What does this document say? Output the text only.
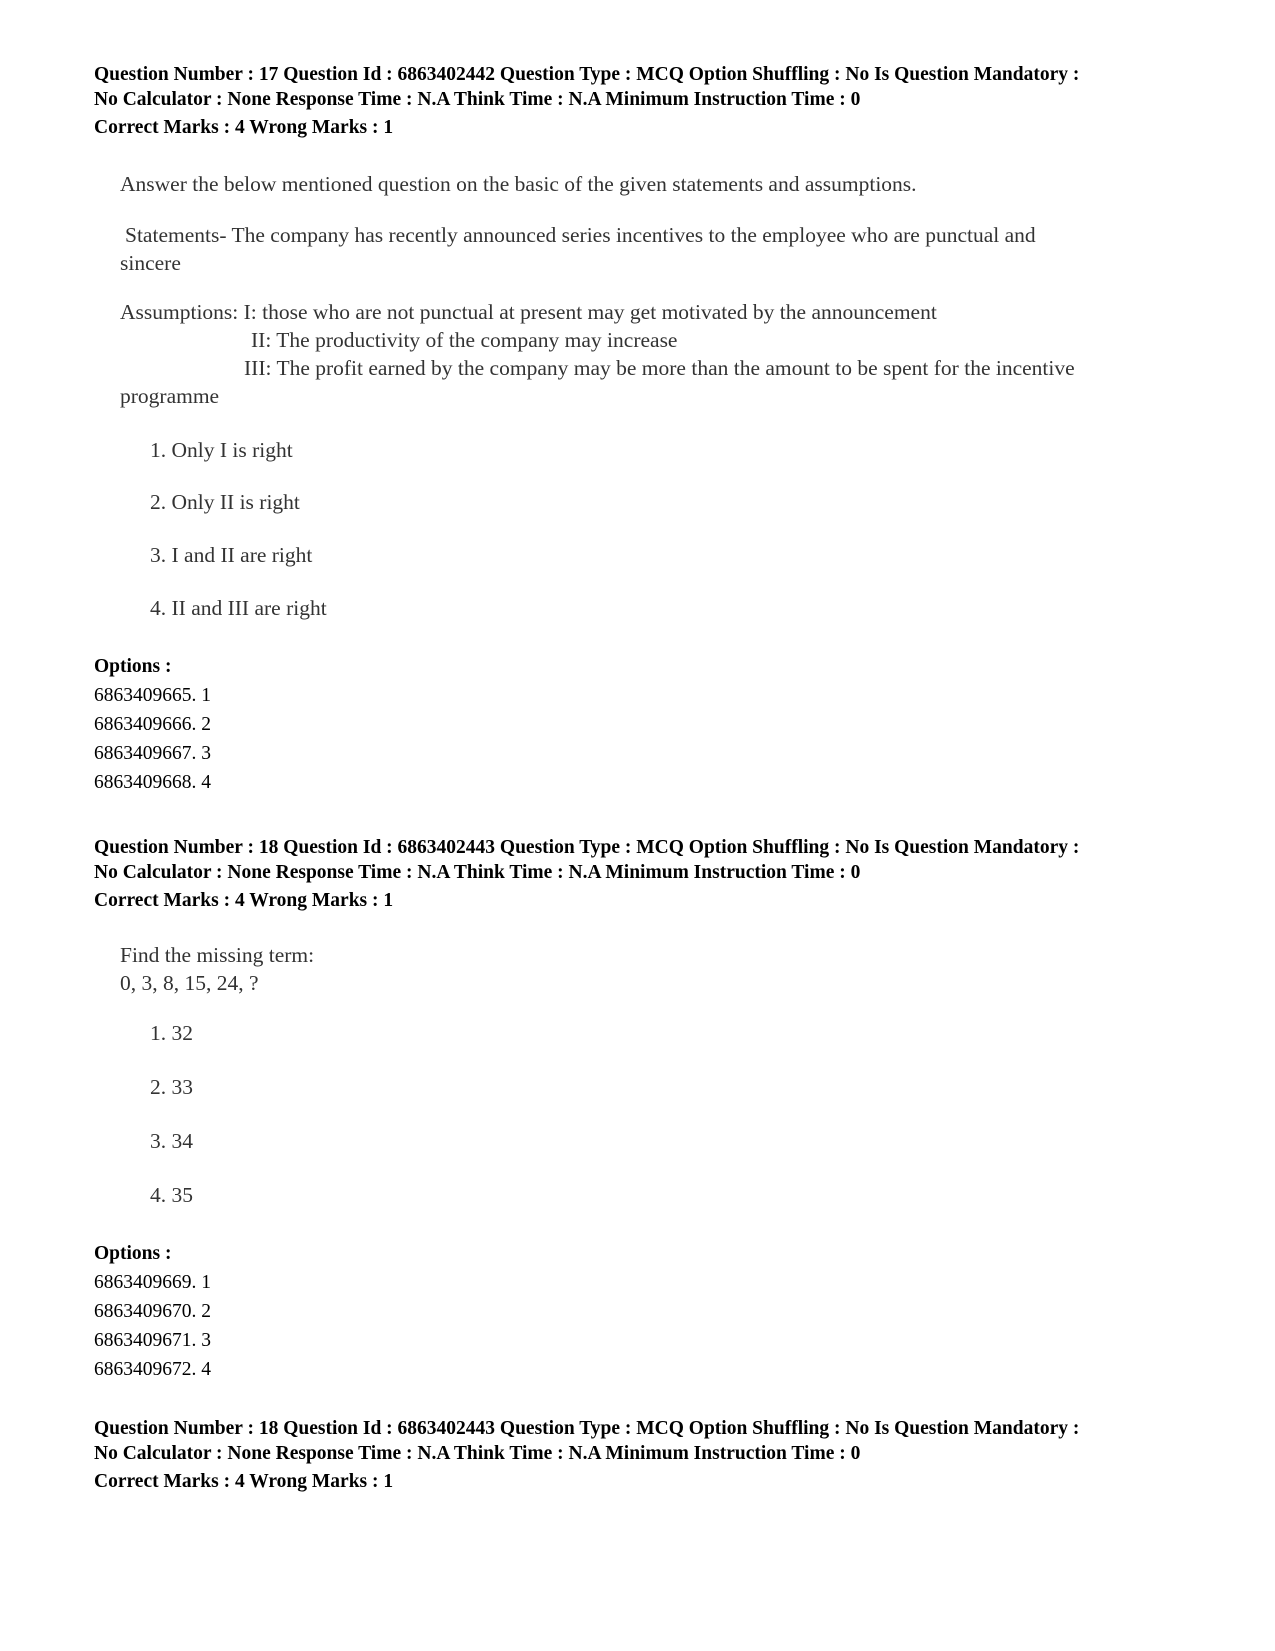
Question Number : 17 Question Id : 6863402442 Question Type : MCQ Option Shuffling : No Is Question Mandatory :
No Calculator : None Response Time : N.A Think Time : N.A Minimum Instruction Time : 0
Correct Marks : 4 Wrong Marks : 1
Answer the below mentioned question on the basic of the given statements and assumptions.
Statements- The company has recently announced series incentives to the employee who are punctual and
sincere
Assumptions: I: those who are not punctual at present may get motivated by the announcement
II: The productivity of the company may increase
III: The profit earned by the company may be more than the amount to be spent for the incentive
programme
1. Only I is right
2. Only II is right
3. I and II are right
4. II and III are right
Options :
6863409665. 1
6863409666. 2
6863409667. 3
6863409668. 4
Question Number : 18 Question Id : 6863402443 Question Type : MCQ Option Shuffling : No Is Question Mandatory :
No Calculator : None Response Time : N.A Think Time : N.A Minimum Instruction Time : 0
Correct Marks : 4 Wrong Marks : 1
Find the missing term:
0, 3, 8, 15, 24, ?
1. 32
2. 33
3. 34
4. 35
Options :
6863409669. 1
6863409670. 2
6863409671. 3
6863409672. 4
Question Number : 18 Question Id : 6863402443 Question Type : MCQ Option Shuffling : No Is Question Mandatory :
No Calculator : None Response Time : N.A Think Time : N.A Minimum Instruction Time : 0
Correct Marks : 4 Wrong Marks : 1
